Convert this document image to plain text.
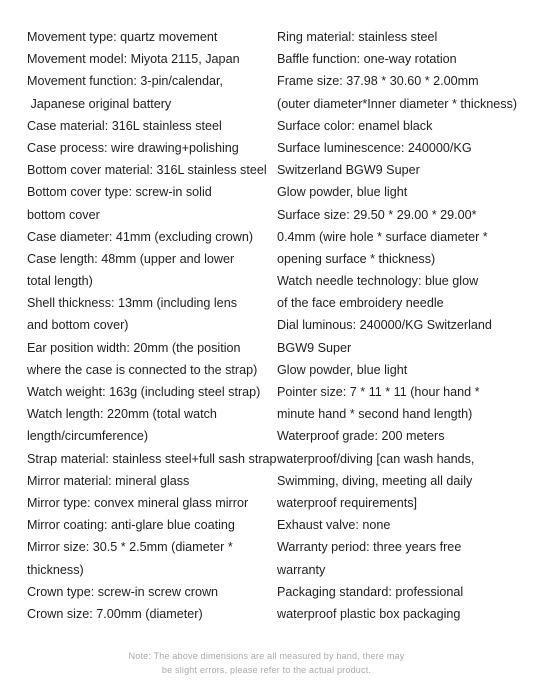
Movement type: quartz movement
Movement model: Miyota 2115, Japan
Movement function: 3-pin/calendar,
Japanese original battery
Case material: 316L stainless steel
Case process: wire drawing+polishing
Bottom cover material: 316L stainless steel
Bottom cover type: screw-in solid
bottom cover
Case diameter: 41mm (excluding crown)
Case length: 48mm (upper and lower
total length)
Shell thickness: 13mm (including lens
and bottom cover)
Ear position width: 20mm (the position
where the case is connected to the strap)
Watch weight: 163g (including steel strap)
Watch length: 220mm (total watch
length/circumference)
Strap material: stainless steel+full sash strap
Mirror material: mineral glass
Mirror type: convex mineral glass mirror
Mirror coating: anti-glare blue coating
Mirror size: 30.5 * 2.5mm (diameter *
thickness)
Crown type: screw-in screw crown
Crown size: 7.00mm (diameter)
Ring material: stainless steel
Baffle function: one-way rotation
Frame size: 37.98 * 30.60 * 2.00mm
(outer diameter*Inner diameter * thickness)
Surface color: enamel black
Surface luminescence: 240000/KG
Switzerland BGW9 Super
Glow powder, blue light
Surface size: 29.50 * 29.00 * 29.00*
0.4mm (wire hole * surface diameter *
opening surface * thickness)
Watch needle technology: blue glow
of the face embroidery needle
Dial luminous: 240000/KG Switzerland
BGW9 Super
Glow powder, blue light
Pointer size: 7 * 11 * 11 (hour hand *
minute hand * second hand length)
Waterproof grade: 200 meters
waterproof/diving [can wash hands,
Swimming, diving, meeting all daily
waterproof requirements]
Exhaust valve: none
Warranty period: three years free
warranty
Packaging standard: professional
waterproof plastic box packaging
Note: The above dimensions are all measured by hand, there may
be slight errors, please refer to the actual product.
